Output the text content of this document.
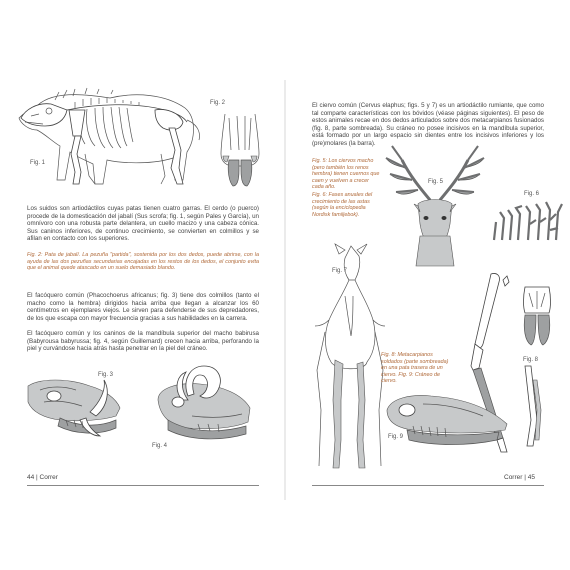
Fig. 1
Fig. 2

Los suidos son artiodáctilos cuyas patas tienen cuatro garras. El cerdo (o puerco) procede de la domesticación del jabalí (Sus scrofa; fig. 1, según Pales y García), un omnívoro con una robusta parte delantera, un cuello macizo y una cabeza cónica. Sus caninos inferiores, de continuo crecimiento, se convierten en colmillos y se afilan en contacto con los superiores.

Fig. 2: Pata de jabalí. La pezuña "partida", sostenida por los dos dedos, puede abrirse, con la ayuda de las dos pezuñas secundarias encajadas en los restos de los dedos, el conjunto evita que el animal quede atascado en un suelo demasiado blando.

El facóquero común (Phacochoerus africanus; fig. 3) tiene dos colmillos (tanto el macho como la hembra) dirigidos hacia arriba que llegan a alcanzar los 60 centímetros en ejemplares viejos. Le sirven para defenderse de sus depredadores, de los que escapa con mayor frecuencia gracias a sus habilidades en la carrera.

El facóquero común y los caninos de la mandíbula superior del macho babirusa (Babyrousa babyrussa; fig. 4, según Guillemard) crecen hacia arriba, perforando la piel y curvándose hacia atrás hasta penetrar en la piel del cráneo.

Fig. 3
Fig. 4
44 | Correr

El ciervo común (Cervus elaphus; figs. 5 y 7) es un artiodáctilo rumiante, que como tal comparte características con los bóvidos (véase páginas siguientes). El peso de estos animales recae en dos dedos articulados sobre dos metacarpianos fusionados (fig. 8, parte sombreada). Su cráneo no posee incisivos en la mandíbula superior, está formado por un largo espacio sin dientes entre los incisivos inferiores y los (pre)molares (la barra).

Fig. 5: Los ciervos macho (pero también los renos hembra) tienen cuernos que caen y vuelven a crecer cada año.

Fig. 6: Fases anuales del crecimiento de las astas (según la enciclopedia Nordisk familjebok).

Fig. 5
Fig. 6
Fig. 7

Fig. 8: Metacarpianos soldados (parte sombreada) en una pata trasera de un ciervo. Fig. 9: Cráneo de ciervo.

Fig. 8
Fig. 9
Correr | 45
